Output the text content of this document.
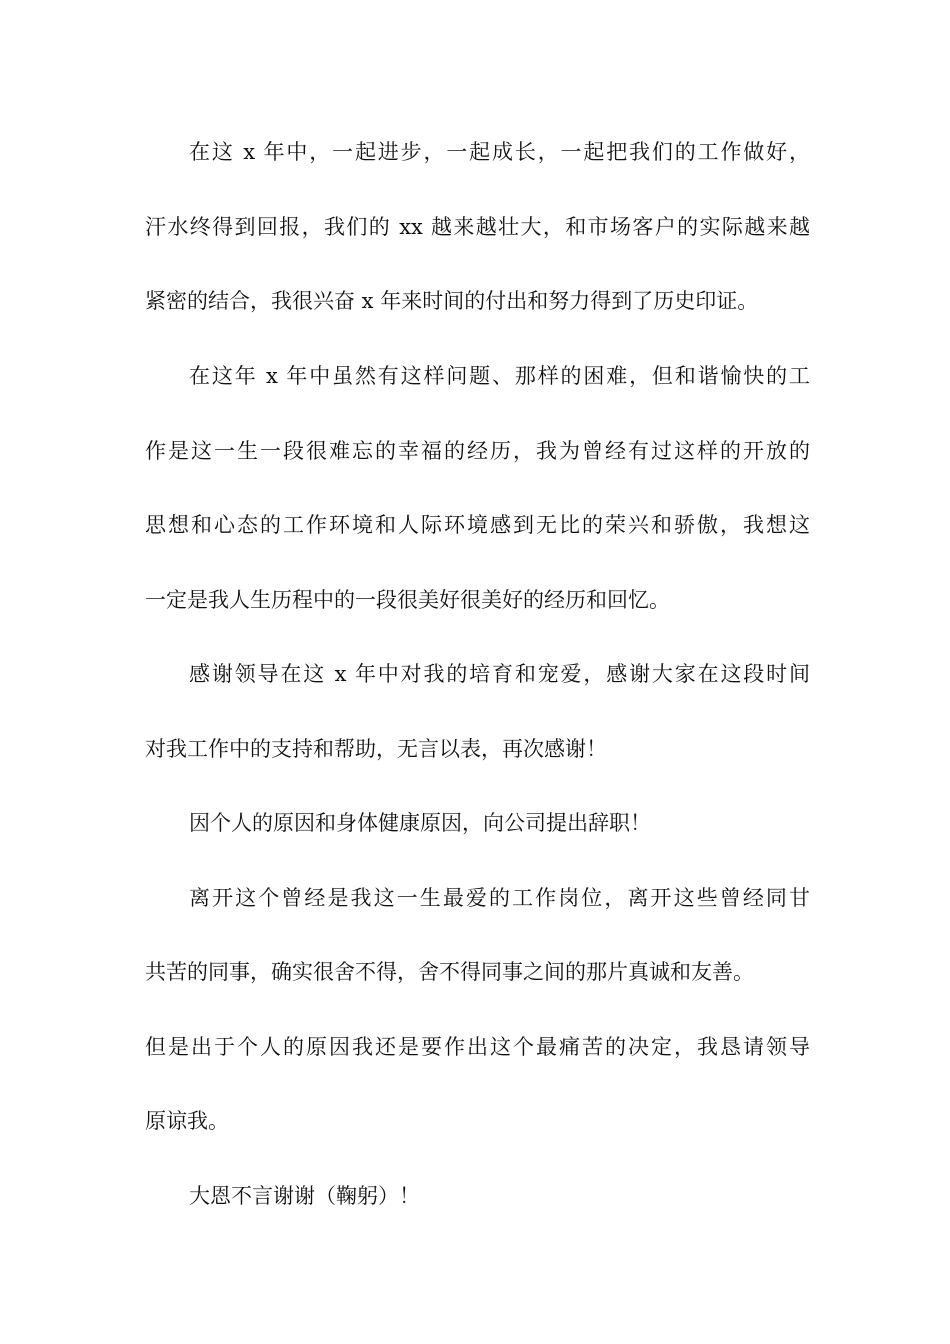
在这 x 年中，一起进步，一起成长，一起把我们的工作做好，

汗水终得到回报，我们的 xx 越来越壮大，和市场客户的实际越来越

紧密的结合，我很兴奋 x 年来时间的付出和努力得到了历史印证。

在这年 x 年中虽然有这样问题、那样的困难，但和谐愉快的工

作是这一生一段很难忘的幸福的经历，我为曾经有过这样的开放的

思想和心态的工作环境和人际环境感到无比的荣兴和骄傲，我想这

一定是我人生历程中的一段很美好很美好的经历和回忆。

感谢领导在这 x 年中对我的培育和宠爱，感谢大家在这段时间

对我工作中的支持和帮助，无言以表，再次感谢！

因个人的原因和身体健康原因，向公司提出辞职！

离开这个曾经是我这一生最爱的工作岗位，离开这些曾经同甘

共苦的同事，确实很舍不得，舍不得同事之间的那片真诚和友善。

但是出于个人的原因我还是要作出这个最痛苦的决定，我恳请领导

原谅我。

大恩不言谢谢（鞠躬）！
